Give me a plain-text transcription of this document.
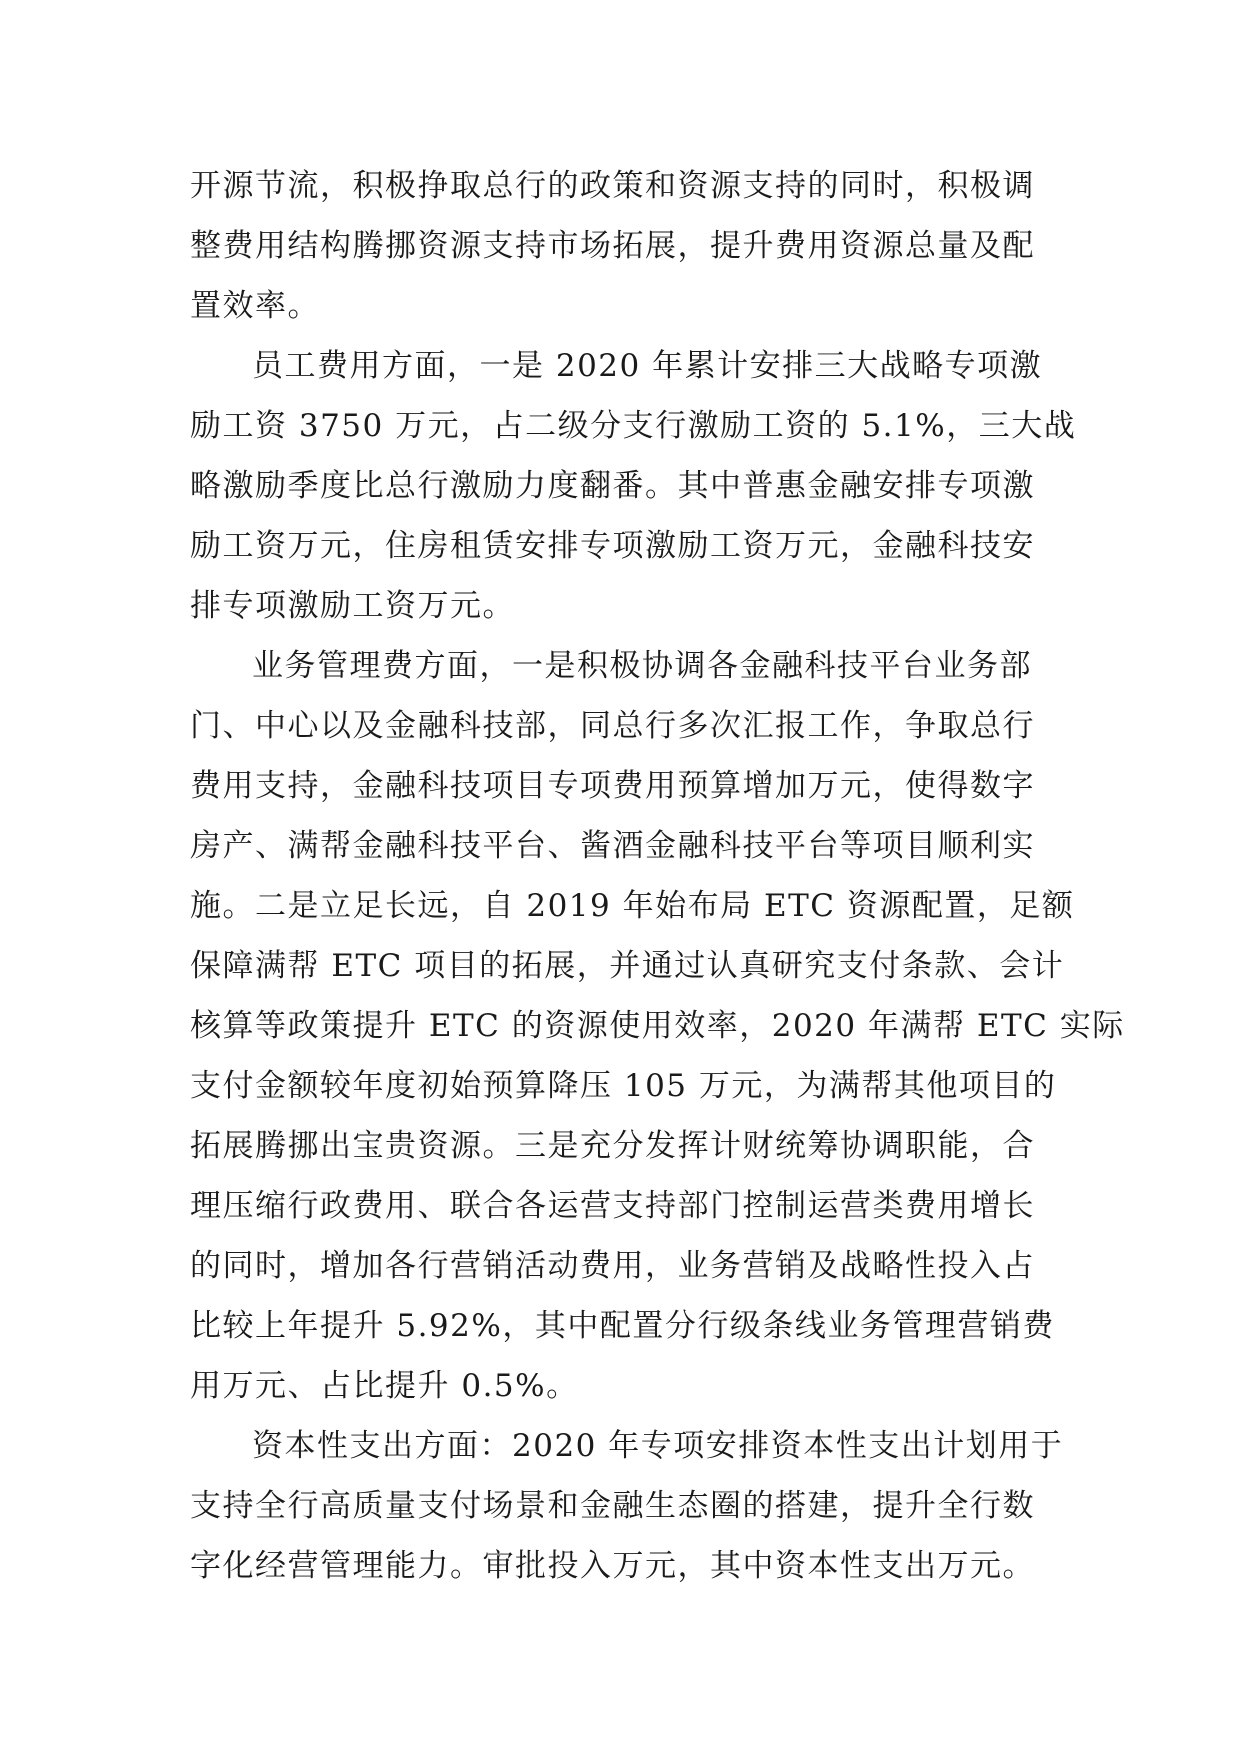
开源节流，积极挣取总行的政策和资源支持的同时，积极调

整费用结构腾挪资源支持市场拓展，提升费用资源总量及配

置效率。

员工费用方面，一是 2020 年累计安排三大战略专项激

励工资 3750 万元，占二级分支行激励工资的 5.1%，三大战

略激励季度比总行激励力度翻番。其中普惠金融安排专项激

励工资万元，住房租赁安排专项激励工资万元，金融科技安

排专项激励工资万元。

业务管理费方面，一是积极协调各金融科技平台业务部

门、中心以及金融科技部，同总行多次汇报工作，争取总行

费用支持，金融科技项目专项费用预算增加万元，使得数字

房产、满帮金融科技平台、酱酒金融科技平台等项目顺利实

施。二是立足长远，自 2019 年始布局 ETC 资源配置，足额

保障满帮 ETC 项目的拓展，并通过认真研究支付条款、会计

核算等政策提升 ETC 的资源使用效率，2020 年满帮 ETC 实际

支付金额较年度初始预算降压 105 万元，为满帮其他项目的

拓展腾挪出宝贵资源。三是充分发挥计财统筹协调职能，合

理压缩行政费用、联合各运营支持部门控制运营类费用增长

的同时，增加各行营销活动费用，业务营销及战略性投入占

比较上年提升 5.92%，其中配置分行级条线业务管理营销费

用万元、占比提升 0.5%。

资本性支出方面：2020 年专项安排资本性支出计划用于

支持全行高质量支付场景和金融生态圈的搭建，提升全行数

字化经营管理能力。审批投入万元，其中资本性支出万元。
